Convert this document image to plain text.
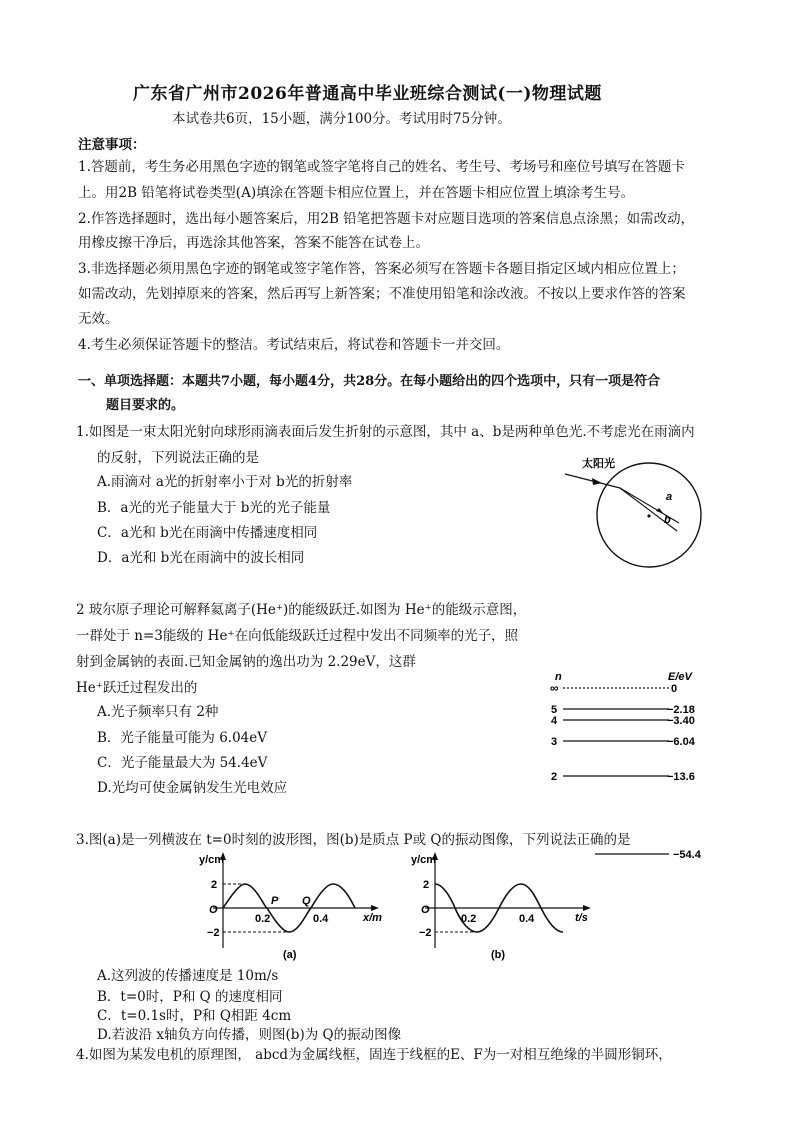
广东省广州市2026年普通高中毕业班综合测试(一)物理试题
本试卷共6页，15小题，满分100分。考试用时75分钟。
注意事项：
1.答题前，考生务必用黑色字迹的钢笔或签字笔将自己的姓名、考生号、考场号和座位号填写在答题卡
上。用2B 铅笔将试卷类型(A)填涂在答题卡相应位置上，并在答题卡相应位置上填涂考生号。
2.作答选择题时，选出每小题答案后，用2B 铅笔把答题卡对应题目选项的答案信息点涂黑；如需改动，
用橡皮擦干净后，再选涂其他答案，答案不能答在试卷上。
3.非选择题必须用黑色字迹的钢笔或签字笔作答，答案必须写在答题卡各题目指定区域内相应位置上；
如需改动，先划掉原来的答案，然后再写上新答案；不准使用铅笔和涂改液。不按以上要求作答的答案
无效。
4.考生必须保证答题卡的整洁。考试结束后，将试卷和答题卡一并交回。
一、单项选择题：本题共7小题，每小题4分，共28分。在每小题给出的四个选项中，只有一项是符合
题目要求的。
1.如图是一束太阳光射向球形雨滴表面后发生折射的示意图，其中 a、b是两种单色光.不考虑光在雨滴内
的反射，下列说法正确的是
A.雨滴对 a光的折射率小于对 b光的折射率
B．a光的光子能量大于 b光的光子能量
C．a光和 b光在雨滴中传播速度相同
D．a光和 b光在雨滴中的波长相同
太阳光
a
b
2 玻尔原子理论可解释氦离子(He⁺)的能级跃迁.如图为 He⁺的能级示意图，
一群处于 n=3能级的 He⁺在向低能级跃迁过程中发出不同频率的光子，照
射到金属钠的表面.已知金属钠的逸出功为 2.29eV，这群
He⁺跃迁过程发出的
A.光子频率只有 2种
B．光子能量可能为 6.04eV
C．光子能量最大为 54.4eV
D.光均可使金属钠发生光电效应
n	E/eV
∞	0
5	−2.18
4	−3.40
3	−6.04
2	−13.6
−54.4
3.图(a)是一列横波在 t=0时刻的波形图，图(b)是质点 P或 Q的振动图像，下列说法正确的是
y/cm
2
−2
O
0.2	0.4	x/m
P Q
(a)
y/cm
2
−2
O
0.2	0.4	t/s
(b)
A.这列波的传播速度是 10m/s
B．t=0时，P和 Q 的速度相同
C．t=0.1s时，P和 Q相距 4cm
D.若波沿 x轴负方向传播，则图(b)为 Q的振动图像
4.如图为某发电机的原理图， abcd为金属线框，固连于线框的E、F为一对相互绝缘的半圆形铜环，
